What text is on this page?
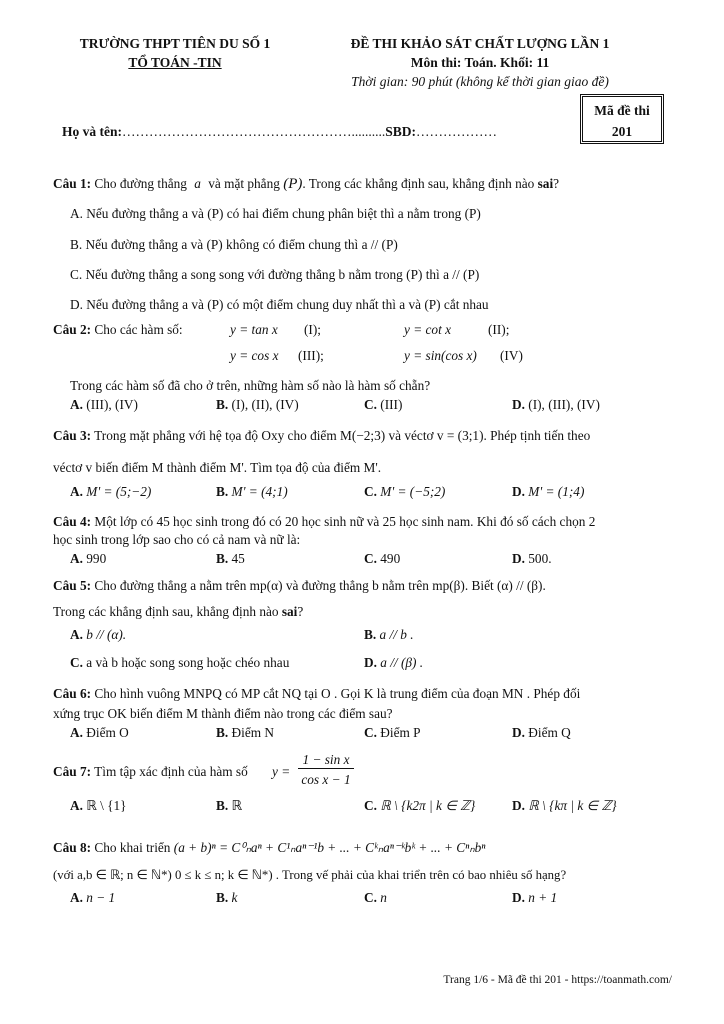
TRƯỜNG THPT TIÊN DU SỐ 1
TỔ TOÁN -TIN
ĐỀ THI KHẢO SÁT CHẤT LƯỢNG LẦN 1
Môn thi: Toán. Khối: 11
Thời gian: 90 phút (không kể thời gian giao đề)
Mã đề thi
201
Họ và tên:……………………………………………..........SBD:………………
Câu 1: Cho đường thẳng a và mặt phẳng (P). Trong các khẳng định sau, khẳng định nào sai?
A. Nếu đường thẳng a và (P) có hai điểm chung phân biệt thì a nằm trong (P)
B. Nếu đường thẳng a và (P) không có điểm chung thì a // (P)
C. Nếu đường thẳng a song song với đường thẳng b nằm trong (P) thì a // (P)
D. Nếu đường thẳng a và (P) có một điểm chung duy nhất thì a và (P) cắt nhau
Câu 2: Cho các hàm số:	y = tan x (I);	y = cot x	(II);
y = cos x (III);	y = sin(cos x) (IV)
Trong các hàm số đã cho ở trên, những hàm số nào là hàm số chẵn?
A. (III), (IV)	B. (I), (II), (IV)	C. (III)	D. (I), (III), (IV)
Câu 3: Trong mặt phẳng với hệ tọa độ Oxy cho điểm M(−2;3) và véctơ v = (3;1). Phép tịnh tiến theo
véctơ v biến điểm M thành điểm M'. Tìm tọa độ của điểm M'.
A. M' = (5;−2)	B. M' = (4;1)	C. M' = (−5;2)	D. M' = (1;4)
Câu 4: Một lớp có 45 học sinh trong đó có 20 học sinh nữ và 25 học sinh nam. Khi đó số cách chọn 2
học sinh trong lớp sao cho có cả nam và nữ là:
A. 990	B. 45	C. 490	D. 500.
Câu 5: Cho đường thẳng a nằm trên mp(α) và đường thẳng b nằm trên mp(β). Biết (α) // (β).
Trong các khẳng định sau, khẳng định nào sai?
A. b // (α).	B. a // b .
C. a và b hoặc song song hoặc chéo nhau	D. a // (β) .
Câu 6: Cho hình vuông MNPQ có MP cắt NQ tại O . Gọi K là trung điểm của đoạn MN . Phép đối
xứng trục OK biến điểm M thành điểm nào trong các điểm sau?
A. Điểm O	B. Điểm N	C. Điểm P	D. Điểm Q
Câu 7: Tìm tập xác định của hàm số y =
1 − sin x
cos x − 1
A. ℝ \ {1}	B. ℝ	C. ℝ \ {k2π | k ∈ ℤ}	D. ℝ \ {kπ | k ∈ ℤ}
Câu 8: Cho khai triển (a + b)ⁿ = C⁰ₙaⁿ + C¹ₙaⁿ⁻¹b + ... + Cᵏₙaⁿ⁻ᵏbᵏ + ... + Cⁿₙbⁿ
(với a,b ∈ ℝ; n ∈ ℕ*) 0 ≤ k ≤ n; k ∈ ℕ*) . Trong vế phải của khai triển trên có bao nhiêu số hạng?
A. n − 1	B. k	C. n	D. n + 1
Trang 1/6 - Mã đề thi 201 - https://toanmath.com/
